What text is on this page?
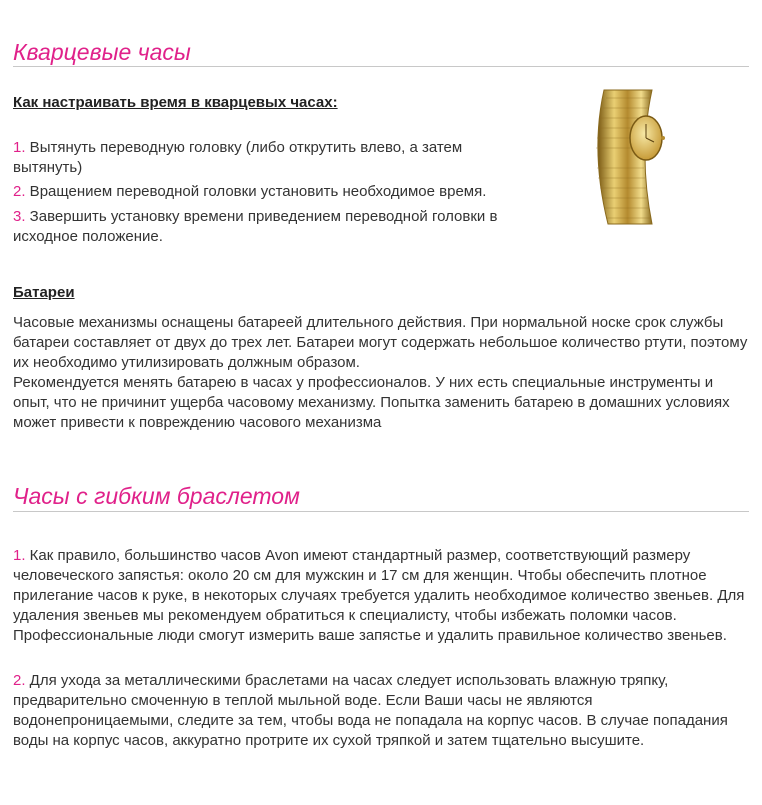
Кварцевые часы

Как настраивать время в кварцевых часах:

1. Вытянуть переводную головку (либо открутить влево, а затем вытянуть)

2. Вращением переводной головки установить необходимое время.

3. Завершить установку времени приведением переводной головки в исходное положение.

Батареи

Часовые механизмы оснащены батареей длительного действия. При нормальной носке срок службы батареи составляет от двух до трех лет. Батареи могут содержать небольшое количество ртути, поэтому их необходимо утилизировать должным образом.

Рекомендуется менять батарею в часах у профессионалов. У них есть специальные инструменты и опыт, что не причинит ущерба часовому механизму. Попытка заменить батарею в домашних условиях может привести к повреждению часового механизма

Часы с гибким браслетом

1. Как правило, большинство часов Avon имеют стандартный размер, соответствующий размеру человеческого запястья: около 20 см для мужскин и 17 см для женщин. Чтобы обеспечить плотное прилегание часов к руке, в некоторых случаях требуется удалить необходимое количество звеньев. Для удаления звеньев мы рекомендуем обратиться к специалисту, чтобы избежать поломки часов. Профессиональные люди смогут измерить ваше запястье и удалить правильное количество звеньев.

2. Для ухода за металлическими браслетами на часах следует использовать влажную тряпку, предварительно смоченную в теплой мыльной воде. Если Ваши часы не являются водонепроницаемыми, следите за тем, чтобы вода не попадала на корпус часов. В случае попадания воды на корпус часов, аккуратно протрите их сухой тряпкой и затем тщательно высушите.
